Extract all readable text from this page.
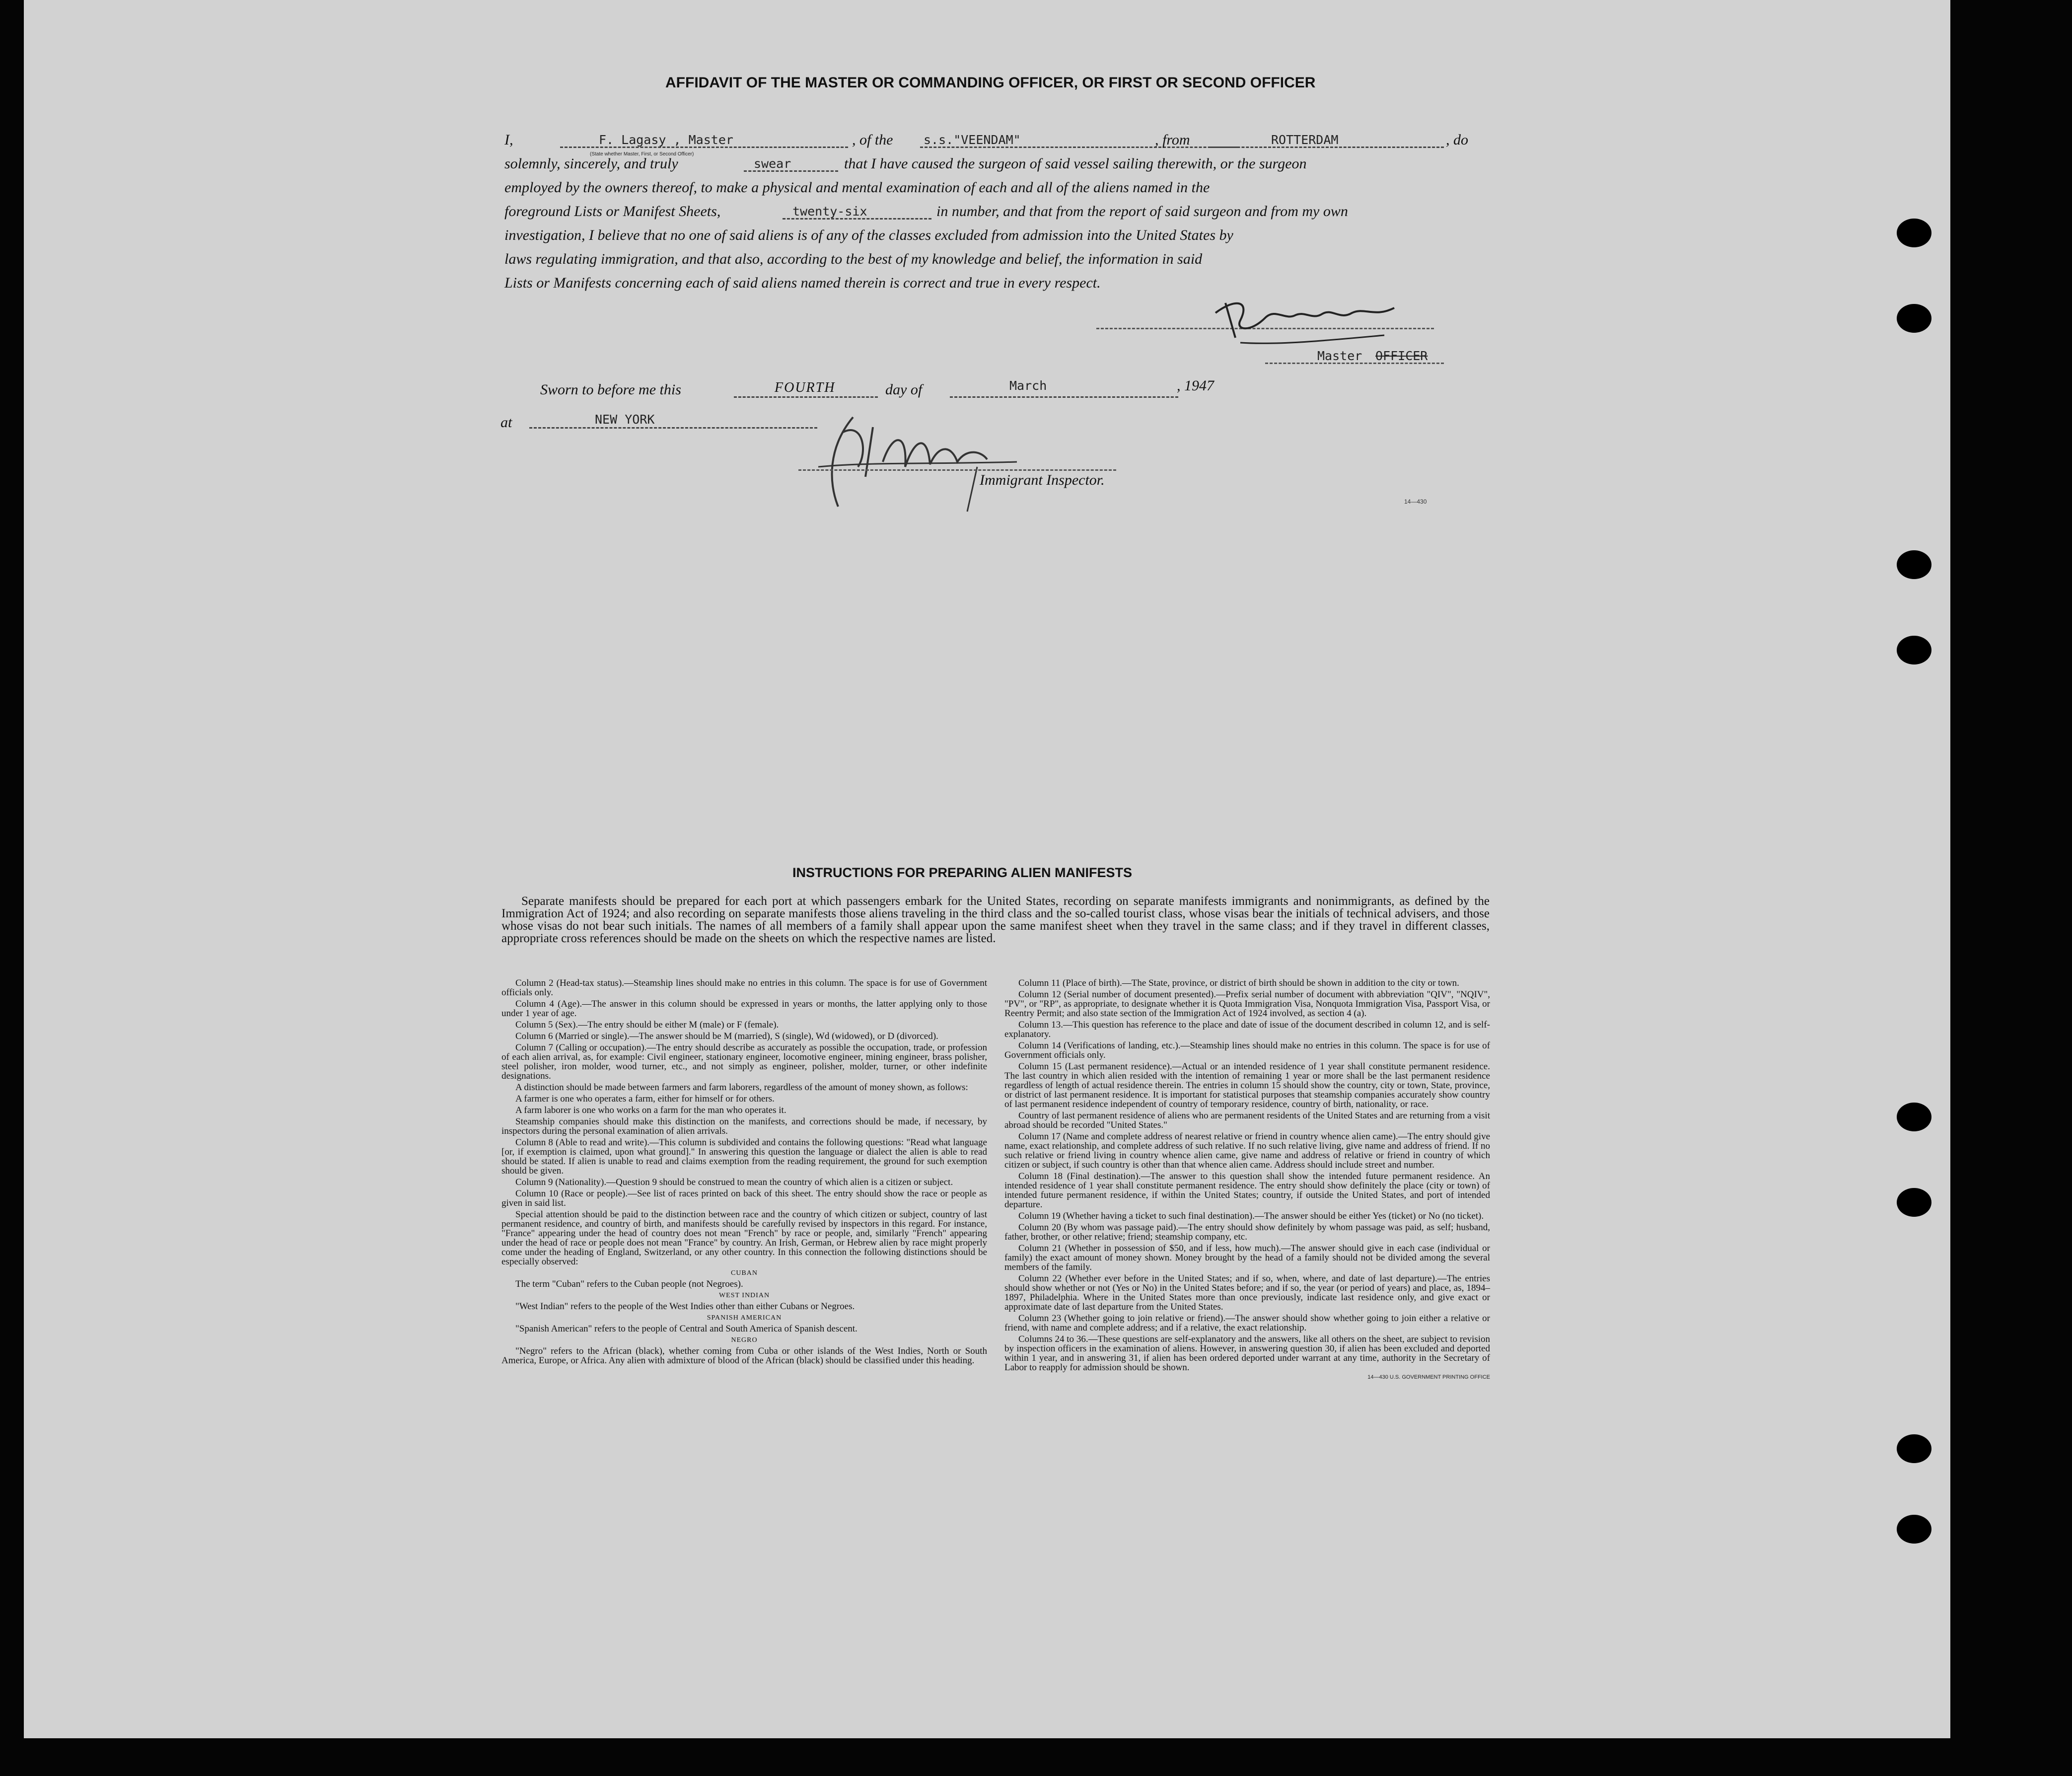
AFFIDAVIT OF THE MASTER OR COMMANDING OFFICER, OR FIRST OR SECOND OFFICER
I,	F. Lagasy , Master
(State whether Master, First, or Second Officer)
, of the s.s."VEENDAM"	, from	ROTTERDAM	, do
solemnly, sincerely, and truly	swear	that I have caused the surgeon of said vessel sailing therewith, or the surgeon
employed by the owners thereof, to make a physical and mental examination of each and all of the aliens named in the
foreground Lists or Manifest Sheets,	twenty-six	in number, and that from the report of said surgeon and from my own
investigation, I believe that no one of said aliens is of any of the classes excluded from admission into the United States by
laws regulating immigration, and that also, according to the best of my knowledge and belief, the information in said
Lists or Manifests concerning each of said aliens named therein is correct and true in every respect.
Master OFFICER
Sworn to before me this	FOURTH	day of	March	, 1947
at	NEW YORK
Immigrant Inspector.
14—430
INSTRUCTIONS FOR PREPARING ALIEN MANIFESTS
Separate manifests should be prepared for each port at which passengers embark for the United States, recording on separate manifests immigrants and nonimmigrants, as defined by the Immigration Act of 1924; and also recording on separate manifests those aliens traveling in the third class and the so-called tourist class, whose visas bear the initials of technical advisers, and those whose visas do not bear such initials. The names of all members of a family shall appear upon the same manifest sheet when they travel in the same class; and if they travel in different classes, appropriate cross references should be made on the sheets on which the respective names are listed.

Column 2 (Head-tax status).—Steamship lines should make no entries in this column. The space is for use of Government officials only.

Column 4 (Age).—The answer in this column should be expressed in years or months, the latter applying only to those under 1 year of age.

Column 5 (Sex).—The entry should be either M (male) or F (female).

Column 6 (Married or single).—The answer should be M (married), S (single), Wd (widowed), or D (divorced).

Column 7 (Calling or occupation).—The entry should describe as accurately as possible the occupation, trade, or profession of each alien arrival, as, for example: Civil engineer, stationary engineer, locomotive engineer, mining engineer, brass polisher, steel polisher, iron molder, wood turner, etc., and not simply as engineer, polisher, molder, turner, or other indefinite designations.

A distinction should be made between farmers and farm laborers, regardless of the amount of money shown, as follows:

A farmer is one who operates a farm, either for himself or for others.

A farm laborer is one who works on a farm for the man who operates it.

Steamship companies should make this distinction on the manifests, and corrections should be made, if necessary, by inspectors during the personal examination of alien arrivals.

Column 8 (Able to read and write).—This column is subdivided and contains the following questions: "Read what language [or, if exemption is claimed, upon what ground]." In answering this question the language or dialect the alien is able to read should be stated. If alien is unable to read and claims exemption from the reading requirement, the ground for such exemption should be given.

Column 9 (Nationality).—Question 9 should be construed to mean the country of which alien is a citizen or subject.

Column 10 (Race or people).—See list of races printed on back of this sheet. The entry should show the race or people as given in said list.

Special attention should be paid to the distinction between race and the country of which citizen or subject, country of last permanent residence, and country of birth, and manifests should be carefully revised by inspectors in this regard. For instance, "France" appearing under the head of country does not mean "French" by race or people, and, similarly "French" appearing under the head of race or people does not mean "France" by country. An Irish, German, or Hebrew alien by race might properly come under the heading of England, Switzerland, or any other country. In this connection the following distinctions should be especially observed:

CUBAN

The term "Cuban" refers to the Cuban people (not Negroes).

WEST INDIAN

"West Indian" refers to the people of the West Indies other than either Cubans or Negroes.

SPANISH AMERICAN

"Spanish American" refers to the people of Central and South America of Spanish descent.

NEGRO

"Negro" refers to the African (black), whether coming from Cuba or other islands of the West Indies, North or South America, Europe, or Africa. Any alien with admixture of blood of the African (black) should be classified under this heading.

Column 11 (Place of birth).—The State, province, or district of birth should be shown in addition to the city or town.

Column 12 (Serial number of document presented).—Prefix serial number of document with abbreviation "QIV", "NQIV", "PV", or "RP", as appropriate, to designate whether it is Quota Immigration Visa, Nonquota Immigration Visa, Passport Visa, or Reentry Permit; and also state section of the Immigration Act of 1924 involved, as section 4 (a).

Column 13.—This question has reference to the place and date of issue of the document described in column 12, and is self-explanatory.

Column 14 (Verifications of landing, etc.).—Steamship lines should make no entries in this column. The space is for use of Government officials only.

Column 15 (Last permanent residence).—Actual or an intended residence of 1 year shall constitute permanent residence. The last country in which alien resided with the intention of remaining 1 year or more shall be the last permanent residence regardless of length of actual residence therein. The entries in column 15 should show the country, city or town, State, province, or district of last permanent residence. It is important for statistical purposes that steamship companies accurately show country of last permanent residence independent of country of temporary residence, country of birth, nationality, or race.

Country of last permanent residence of aliens who are permanent residents of the United States and are returning from a visit abroad should be recorded "United States."

Column 17 (Name and complete address of nearest relative or friend in country whence alien came).—The entry should give name, exact relationship, and complete address of such relative. If no such relative living, give name and address of friend. If no such relative or friend living in country whence alien came, give name and address of relative or friend in country of which citizen or subject, if such country is other than that whence alien came. Address should include street and number.

Column 18 (Final destination).—The answer to this question shall show the intended future permanent residence. An intended residence of 1 year shall constitute permanent residence. The entry should show definitely the place (city or town) of intended future permanent residence, if within the United States; country, if outside the United States, and port of intended departure.

Column 19 (Whether having a ticket to such final destination).—The answer should be either Yes (ticket) or No (no ticket).

Column 20 (By whom was passage paid).—The entry should show definitely by whom passage was paid, as self; husband, father, brother, or other relative; friend; steamship company, etc.

Column 21 (Whether in possession of $50, and if less, how much).—The answer should give in each case (individual or family) the exact amount of money shown. Money brought by the head of a family should not be divided among the several members of the family.

Column 22 (Whether ever before in the United States; and if so, when, where, and date of last departure).—The entries should show whether or not (Yes or No) in the United States before; and if so, the year (or period of years) and place, as, 1894–1897, Philadelphia. Where in the United States more than once previously, indicate last residence only, and give exact or approximate date of last departure from the United States.

Column 23 (Whether going to join relative or friend).—The answer should show whether going to join either a relative or friend, with name and complete address; and if a relative, the exact relationship.

Columns 24 to 36.—These questions are self-explanatory and the answers, like all others on the sheet, are subject to revision by inspection officers in the examination of aliens. However, in answering question 30, if alien has been excluded and deported within 1 year, and in answering 31, if alien has been ordered deported under warrant at any time, authority in the Secretary of Labor to reapply for admission should be shown.

14—430 U.S. GOVERNMENT PRINTING OFFICE
